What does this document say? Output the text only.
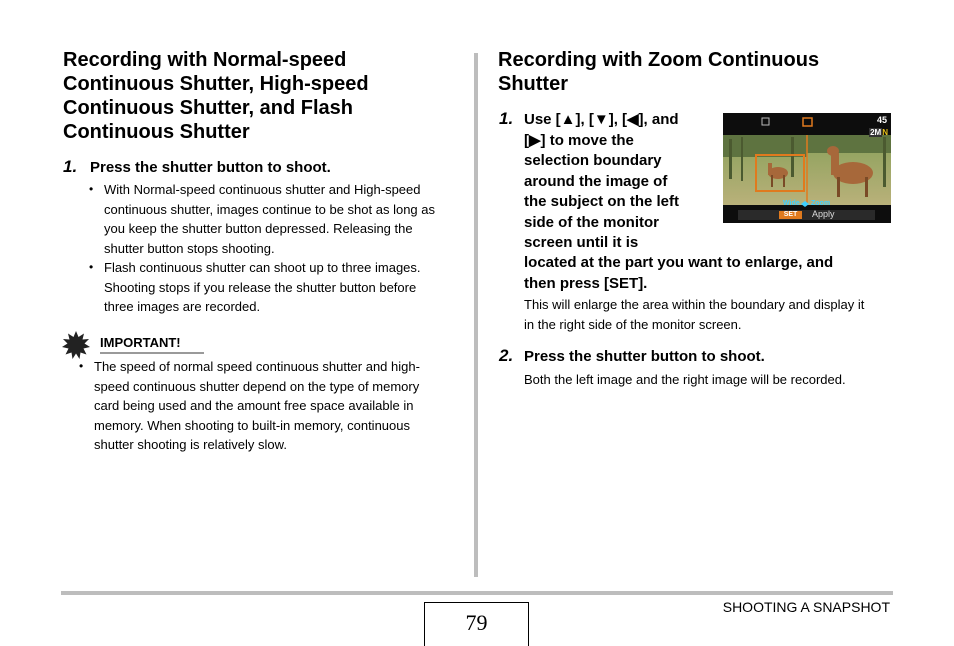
Recording with Normal-speed
Continuous Shutter, High-speed
Continuous Shutter, and Flash
Continuous Shutter
1. Press the shutter button to shoot.
• With Normal-speed continuous shutter and High-speed
continuous shutter, images continue to be shot as long as
you keep the shutter button depressed. Releasing the
shutter button stops shooting.
• Flash continuous shutter can shoot up to three images.
Shooting stops if you release the shutter button before
three images are recorded.
IMPORTANT!
• The speed of normal speed continuous shutter and high-
speed continuous shutter depend on the type of memory
card being used and the amount free space available in
memory. When shooting to built-in memory, continuous
shutter shooting is relatively slow.
Recording with Zoom Continuous
Shutter
1. Use [▲], [▼], [◀], and
[▶] to move the
selection boundary
around the image of
the subject on the left
side of the monitor
screen until it is
located at the part you want to enlarge, and
then press [SET].
This will enlarge the area within the boundary and display it
in the right side of the monitor screen.
45
2MN
Wide Zoom
SET	Apply
2. Press the shutter button to shoot.
Both the left image and the right image will be recorded.
79
SHOOTING A SNAPSHOT
